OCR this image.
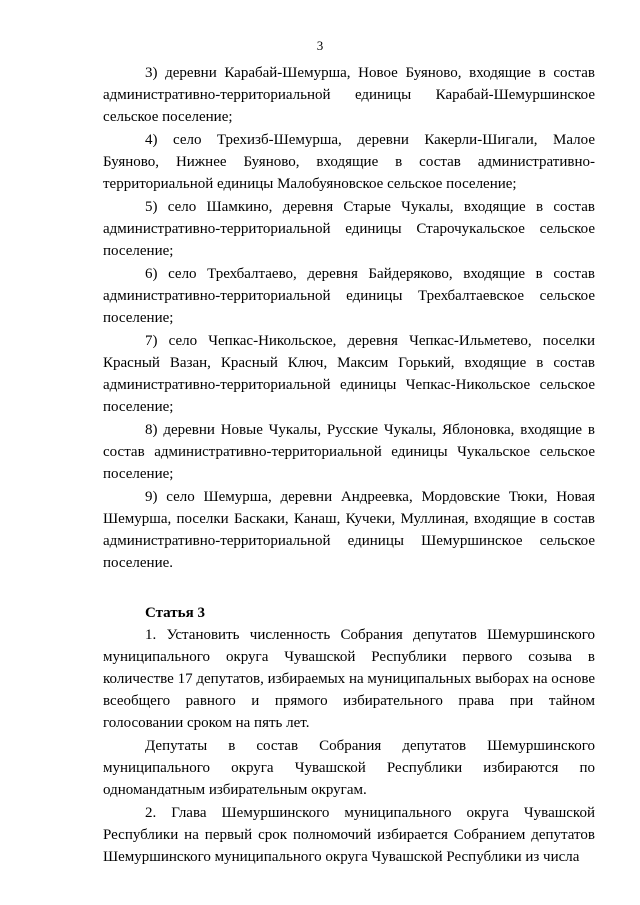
3

3) деревни Карабай-Шемурша, Новое Буяново, входящие в состав административно-территориальной единицы Карабай-Шемуршинское сельское поселение;

4) село Трехизб-Шемурша, деревни Какерли-Шигали, Малое Буяново, Нижнее Буяново, входящие в состав административно-территориальной единицы Малобуяновское сельское поселение;

5) село Шамкино, деревня Старые Чукалы, входящие в состав административно-территориальной единицы Старочукальское сельское поселение;

6) село Трехбалтаево, деревня Байдеряково, входящие в состав административно-территориальной единицы Трехбалтаевское сельское поселение;

7) село Чепкас-Никольское, деревня Чепкас-Ильметево, поселки Красный Вазан, Красный Ключ, Максим Горький, входящие в состав административно-территориальной единицы Чепкас-Никольское сельское поселение;

8) деревни Новые Чукалы, Русские Чукалы, Яблоновка, входящие в состав административно-территориальной единицы Чукальское сельское поселение;

9) село Шемурша, деревни Андреевка, Мордовские Тюки, Новая Шемурша, поселки Баскаки, Канаш, Кучеки, Муллиная, входящие в состав административно-территориальной единицы Шемуршинское сельское поселение.

Статья 3

1. Установить численность Собрания депутатов Шемуршинского муниципального округа Чувашской Республики первого созыва в количестве 17 депутатов, избираемых на муниципальных выборах на основе всеобщего равного и прямого избирательного права при тайном голосовании сроком на пять лет.

Депутаты в состав Собрания депутатов Шемуршинского муниципального округа Чувашской Республики избираются по одномандатным избирательным округам.

2. Глава Шемуршинского муниципального округа Чувашской Республики на первый срок полномочий избирается Собранием депутатов Шемуршинского муниципального округа Чувашской Республики из числа
